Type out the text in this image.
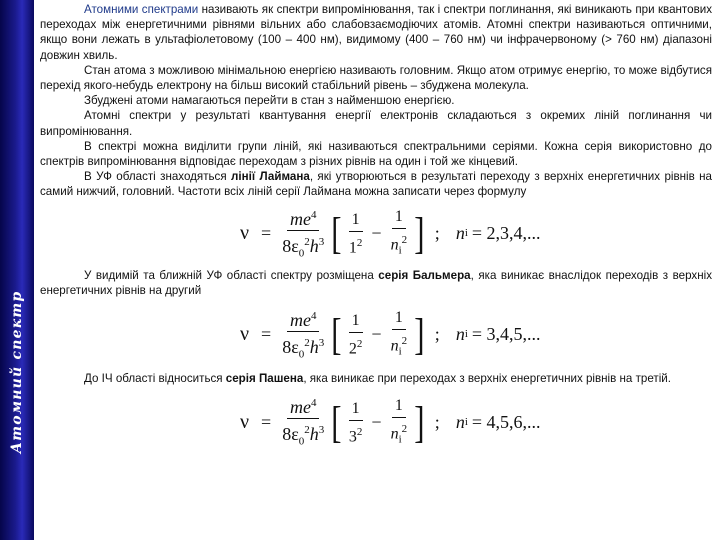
Атомний спектр

Атомними спектрами називають як спектри випромінювання, так і спектри поглинання, які виникають при квантових переходах між енергетичними рівнями вільних або слабовзаємодіючих атомів. Атомні спектри називаються оптичними, якщо вони лежать в ультафіолетовому (100 – 400 нм), видимому (400 – 760 нм) чи інфрачервоному (> 760 нм) діапазоні довжин хвиль.

Стан атома з можливою мінімальною енергією називають головним. Якщо атом отримує енергію, то може відбутися перехід якого-небудь електрону на більш високий стабільний рівень – збуджена молекула.

Збуджені атоми намагаються перейти в стан з найменшою енергією.

Атомні спектри у результаті квантування енергії електронів складаються з окремих ліній поглинання чи випромінювання.

В спектрі можна виділити групи ліній, які називаються спектральними серіями. Кожна серія використовно до спектрів випромінювання відповідає переходам з різних рівнів на один і той же кінцевий.

В УФ області знаходяться лінії Лаймана, які утворюються в результаті переходу з верхніх енергетичних рівнів на самий нижчий, головний. Частоти всіх ліній серії Лаймана можна записати через формулу

$\nu = \frac{me^4}{8\varepsilon_0^2h^3}$ [ $\frac{1}{1^2} - \frac{1}{n_i^2}$ ] ; n i = 2,3,4,...

У видимій та ближній УФ області спектру розміщена серія Бальмера, яка виникає внаслідок переходів з верхніх енергетичних рівнів на другий

$\nu = \frac{me^4}{8\varepsilon_0^2h^3}$ [ $\frac{1}{2^2} - \frac{1}{n_i^2}$ ] ; n i = 3,4,5,...

До ІЧ області відноситься серія Пашена, яка виникає при переходах з верхніх енергетичних рівнів на третій.

$\nu = \frac{me^4}{8\varepsilon_0^2h^3}$ [ $\frac{1}{3^2} - \frac{1}{n_i^2}$ ] ; n i = 4,5,6,...
